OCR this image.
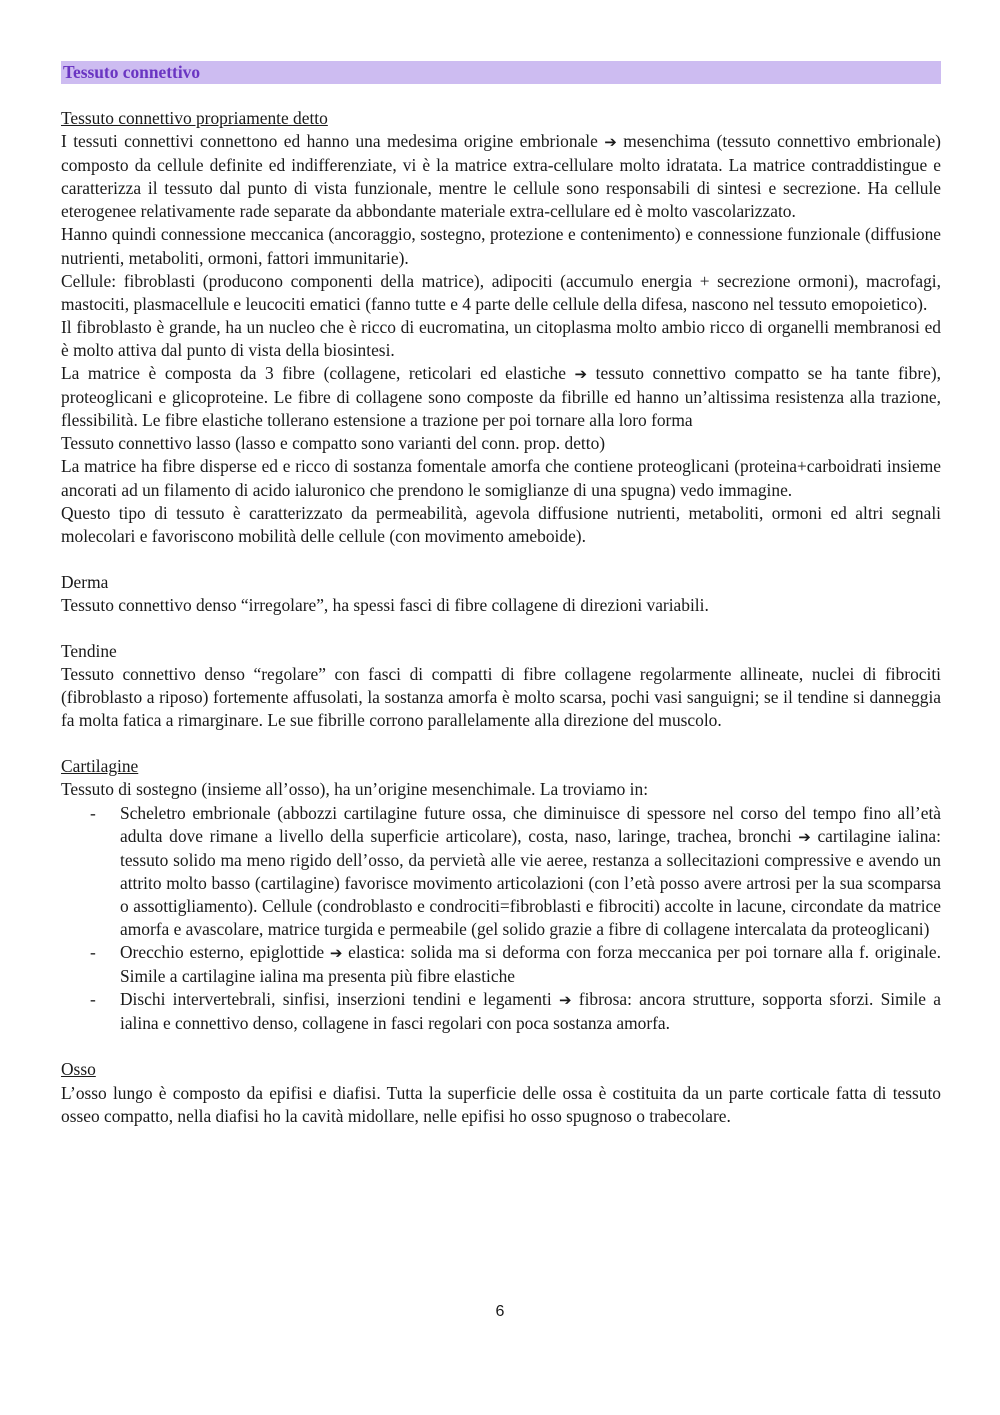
Tessuto connettivo

Tessuto connettivo propriamente detto

I tessuti connettivi connettono ed hanno una medesima origine embrionale ➔ mesenchima (tessuto connettivo embrionale) composto da cellule definite ed indifferenziate, vi è la matrice extra-cellulare molto idratata. La matrice contraddistingue e caratterizza il tessuto dal punto di vista funzionale, mentre le cellule sono responsabili di sintesi e secrezione. Ha cellule eterogenee relativamente rade separate da abbondante materiale extra-cellulare ed è molto vascolarizzato.

Hanno quindi connessione meccanica (ancoraggio, sostegno, protezione e contenimento) e connessione funzionale (diffusione nutrienti, metaboliti, ormoni, fattori immunitarie).

Cellule: fibroblasti (producono componenti della matrice), adipociti (accumulo energia + secrezione ormoni), macrofagi, mastociti, plasmacellule e leucociti ematici (fanno tutte e 4 parte delle cellule della difesa, nascono nel tessuto emopoietico).

Il fibroblasto è grande, ha un nucleo che è ricco di eucromatina, un citoplasma molto ambio ricco di organelli membranosi ed è molto attiva dal punto di vista della biosintesi.

La matrice è composta da 3 fibre (collagene, reticolari ed elastiche ➔ tessuto connettivo compatto se ha tante fibre), proteoglicani e glicoproteine. Le fibre di collagene sono composte da fibrille ed hanno un’altissima resistenza alla trazione, flessibilità. Le fibre elastiche tollerano estensione a trazione per poi tornare alla loro forma

Tessuto connettivo lasso (lasso e compatto sono varianti del conn. prop. detto)

La matrice ha fibre disperse ed e ricco di sostanza fomentale amorfa che contiene proteoglicani (proteina+carboidrati insieme ancorati ad un filamento di acido ialuronico che prendono le somiglianze di una spugna) vedo immagine.

Questo tipo di tessuto è caratterizzato da permeabilità, agevola diffusione nutrienti, metaboliti, ormoni ed altri segnali molecolari e favoriscono mobilità delle cellule (con movimento ameboide).

Derma

Tessuto connettivo denso “irregolare”, ha spessi fasci di fibre collagene di direzioni variabili.

Tendine

Tessuto connettivo denso “regolare” con fasci di compatti di fibre collagene regolarmente allineate, nuclei di fibrociti (fibroblasto a riposo) fortemente affusolati, la sostanza amorfa è molto scarsa, pochi vasi sanguigni; se il tendine si danneggia fa molta fatica a rimarginare. Le sue fibrille corrono parallelamente alla direzione del muscolo.

Cartilagine

Tessuto di sostegno (insieme all’osso), ha un’origine mesenchimale. La troviamo in:

- Scheletro embrionale (abbozzi cartilagine future ossa, che diminuisce di spessore nel corso del tempo fino all’età adulta dove rimane a livello della superficie articolare), costa, naso, laringe, trachea, bronchi ➔ cartilagine ialina: tessuto solido ma meno rigido dell’osso, da pervietà alle vie aeree, restanza a sollecitazioni compressive e avendo un attrito molto basso (cartilagine) favorisce movimento articolazioni (con l’età posso avere artrosi per la sua scomparsa o assottigliamento). Cellule (condroblasto e condrociti=fibroblasti e fibrociti) accolte in lacune, circondate da matrice amorfa e avascolare, matrice turgida e permeabile (gel solido grazie a fibre di collagene intercalata da proteoglicani)
- Orecchio esterno, epiglottide ➔ elastica: solida ma si deforma con forza meccanica per poi tornare alla f. originale. Simile a cartilagine ialina ma presenta più fibre elastiche
- Dischi intervertebrali, sinfisi, inserzioni tendini e legamenti ➔ fibrosa: ancora strutture, sopporta sforzi. Simile a ialina e connettivo denso, collagene in fasci regolari con poca sostanza amorfa.

Osso

L’osso lungo è composto da epifisi e diafisi. Tutta la superficie delle ossa è costituita da un parte corticale fatta di tessuto osseo compatto, nella diafisi ho la cavità midollare, nelle epifisi ho osso spugnoso o trabecolare.

6
